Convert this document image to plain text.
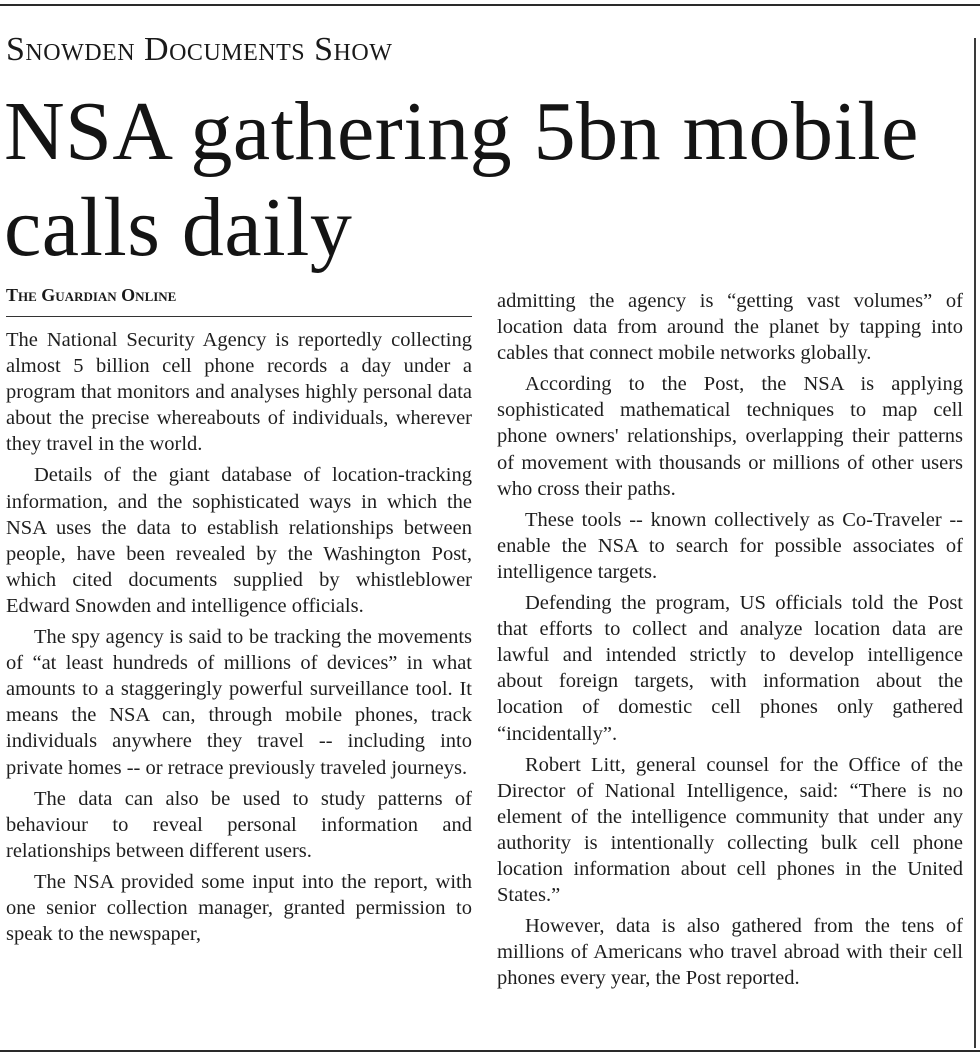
Snowden Documents Show
NSA gathering 5bn mobile calls daily
The Guardian Online

The National Security Agency is reportedly collecting almost 5 billion cell phone records a day under a program that monitors and analyses highly personal data about the precise whereabouts of individuals, wherever they travel in the world.

Details of the giant database of location-tracking information, and the sophisticated ways in which the NSA uses the data to establish relationships between people, have been revealed by the Washington Post, which cited documents supplied by whistleblower Edward Snowden and intelligence officials.

The spy agency is said to be tracking the movements of “at least hundreds of millions of devices” in what amounts to a staggeringly powerful surveillance tool. It means the NSA can, through mobile phones, track individuals anywhere they travel -- including into private homes -- or retrace previously traveled journeys.

The data can also be used to study patterns of behaviour to reveal personal information and relationships between different users.

The NSA provided some input into the report, with one senior collection manager, granted permission to speak to the newspaper,

admitting the agency is “getting vast volumes” of location data from around the planet by tapping into cables that connect mobile networks globally.

According to the Post, the NSA is applying sophisticated mathematical techniques to map cell phone owners' relationships, overlapping their patterns of movement with thousands or millions of other users who cross their paths.

These tools -- known collectively as Co-Traveler -- enable the NSA to search for possible associates of intelligence targets.

Defending the program, US officials told the Post that efforts to collect and analyze location data are lawful and intended strictly to develop intelligence about foreign targets, with information about the location of domestic cell phones only gathered “incidentally”.

Robert Litt, general counsel for the Office of the Director of National Intelligence, said: “There is no element of the intelligence community that under any authority is intentionally collecting bulk cell phone location information about cell phones in the United States.”

However, data is also gathered from the tens of millions of Americans who travel abroad with their cell phones every year, the Post reported.
